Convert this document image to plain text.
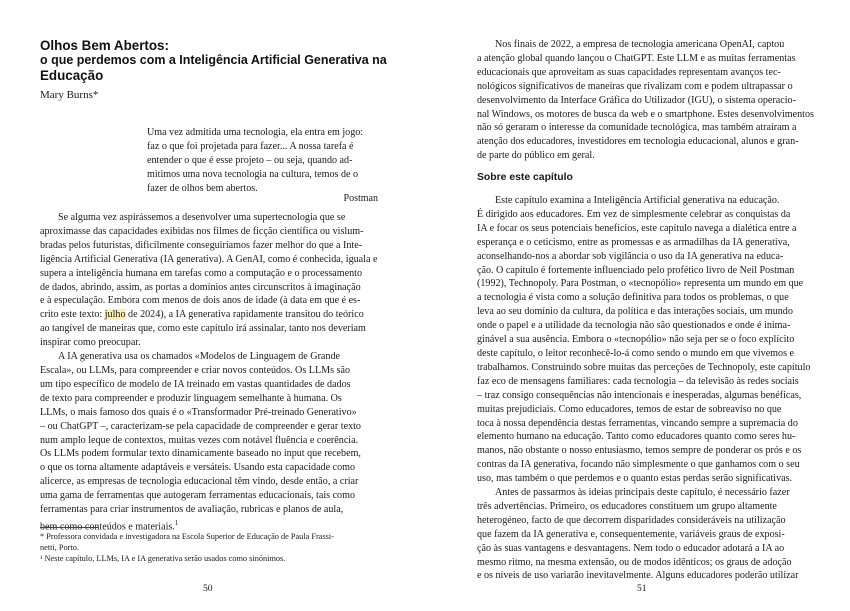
Olhos Bem Abertos:
o que perdemos com a Inteligência Artificial Generativa na
Educação
Mary Burns*
Uma vez admitida uma tecnologia, ela entra em jogo:
faz o que foi projetada para fazer... A nossa tarefa é
entender o que é esse projeto – ou seja, quando ad-
mitimos uma nova tecnologia na cultura, temos de o
fazer de olhos bem abertos.
Postman
Se alguma vez aspirássemos a desenvolver uma supertecnologia que se
aproximasse das capacidades exibidas nos filmes de ficção científica ou vislum-
bradas pelos futuristas, dificilmente conseguiríamos fazer melhor do que a Inte-
ligência Artificial Generativa (IA generativa). A GenAI, como é conhecida, iguala e
supera a inteligência humana em tarefas como a computação e o processamento
de dados, abrindo, assim, as portas a domínios antes circunscritos à imaginação
e à especulação. Embora com menos de dois anos de idade (à data em que é es-
crito este texto: julho de 2024), a IA generativa rapidamente transitou do teórico
ao tangível de maneiras que, como este capítulo irá assinalar, tanto nos deveriam
inspirar como preocupar.
A IA generativa usa os chamados «Modelos de Linguagem de Grande
Escala», ou LLMs, para compreender e criar novos conteúdos. Os LLMs são
um tipo específico de modelo de IA treinado em vastas quantidades de dados
de texto para compreender e produzir linguagem semelhante à humana. Os
LLMs, o mais famoso dos quais é o «Transformador Pré-treinado Generativo»
– ou ChatGPT –, caracterizam-se pela capacidade de compreender e gerar texto
num amplo leque de contextos, muitas vezes com notável fluência e coerência.
Os LLMs podem formular texto dinamicamente baseado no input que recebem,
o que os torna altamente adaptáveis e versáteis. Usando esta capacidade como
alicerce, as empresas de tecnologia educacional têm vindo, desde então, a criar
uma gama de ferramentas que autogeram ferramentas educacionais, tais como
ferramentas para criar instrumentos de avaliação, rubricas e planos de aula,
bem como conteúdos e materiais.$^1$
* Professora convidada e investigadora na Escola Superior de Educação de Paula Frassi-
netti, Porto.
¹ Neste capítulo, LLMs, IA e IA generativa serão usados como sinónimos.
50
Nos finais de 2022, a empresa de tecnologia americana OpenAI, captou
a atenção global quando lançou o ChatGPT. Este LLM e as muitas ferramentas
educacionais que aproveitam as suas capacidades representam avanços tec-
nológicos significativos de maneiras que rivalizam com e podem ultrapassar o
desenvolvimento da Interface Gráfica do Utilizador (IGU), o sistema operacio-
nal Windows, os motores de busca da web e o smartphone. Estes desenvolvimentos
não só geraram o interesse da comunidade tecnológica, mas também atraíram a
atenção dos educadores, investidores em tecnologia educacional, alunos e gran-
de parte do público em geral.
Sobre este capítulo
Este capítulo examina a Inteligência Artificial generativa na educação.
É dirigido aos educadores. Em vez de simplesmente celebrar as conquistas da
IA e focar os seus potenciais benefícios, este capítulo navega a dialética entre a
esperança e o ceticismo, entre as promessas e as armadilhas da IA generativa,
aconselhando-nos a abordar sob vigilância o uso da IA generativa na educa-
ção. O capítulo é fortemente influenciado pelo profético livro de Neil Postman
(1992), Technopoly. Para Postman, o «tecnopólio» representa um mundo em que
a tecnologia é vista como a solução definitiva para todos os problemas, o que
leva ao seu domínio da cultura, da política e das interações sociais, um mundo
onde o papel e a utilidade da tecnologia não são questionados e onde é inima-
ginável a sua ausência. Embora o «tecnopólio» não seja per se o foco explícito
deste capítulo, o leitor reconhecê-lo-á como sendo o mundo em que vivemos e
trabalhamos. Construindo sobre muitas das perceções de Technopoly, este capítulo
faz eco de mensagens familiares: cada tecnologia – da televisão às redes sociais
– traz consigo consequências não intencionais e inesperadas, algumas benéficas,
muitas prejudiciais. Como educadores, temos de estar de sobreaviso no que
toca à nossa dependência destas ferramentas, vincando sempre a supremacia do
elemento humano na educação. Tanto como educadores quanto como seres hu-
manos, não obstante o nosso entusiasmo, temos sempre de ponderar os prós e os
contras da IA generativa, focando não simplesmente o que ganhamos com o seu
uso, mas também o que perdemos e o quanto estas perdas serão significativas.
Antes de passarmos às ideias principais deste capítulo, é necessário fazer
três advertências. Primeiro, os educadores constituem um grupo altamente
heterogéneo, facto de que decorrem disparidades consideráveis na utilização
que fazem da IA generativa e, consequentemente, variáveis graus de exposi-
ção às suas vantagens e desvantagens. Nem todo o educador adotará a IA ao
mesmo ritmo, na mesma extensão, ou de modos idênticos; os graus de adoção
e os níveis de uso variarão inevitavelmente. Alguns educadores poderão utilizar
51
